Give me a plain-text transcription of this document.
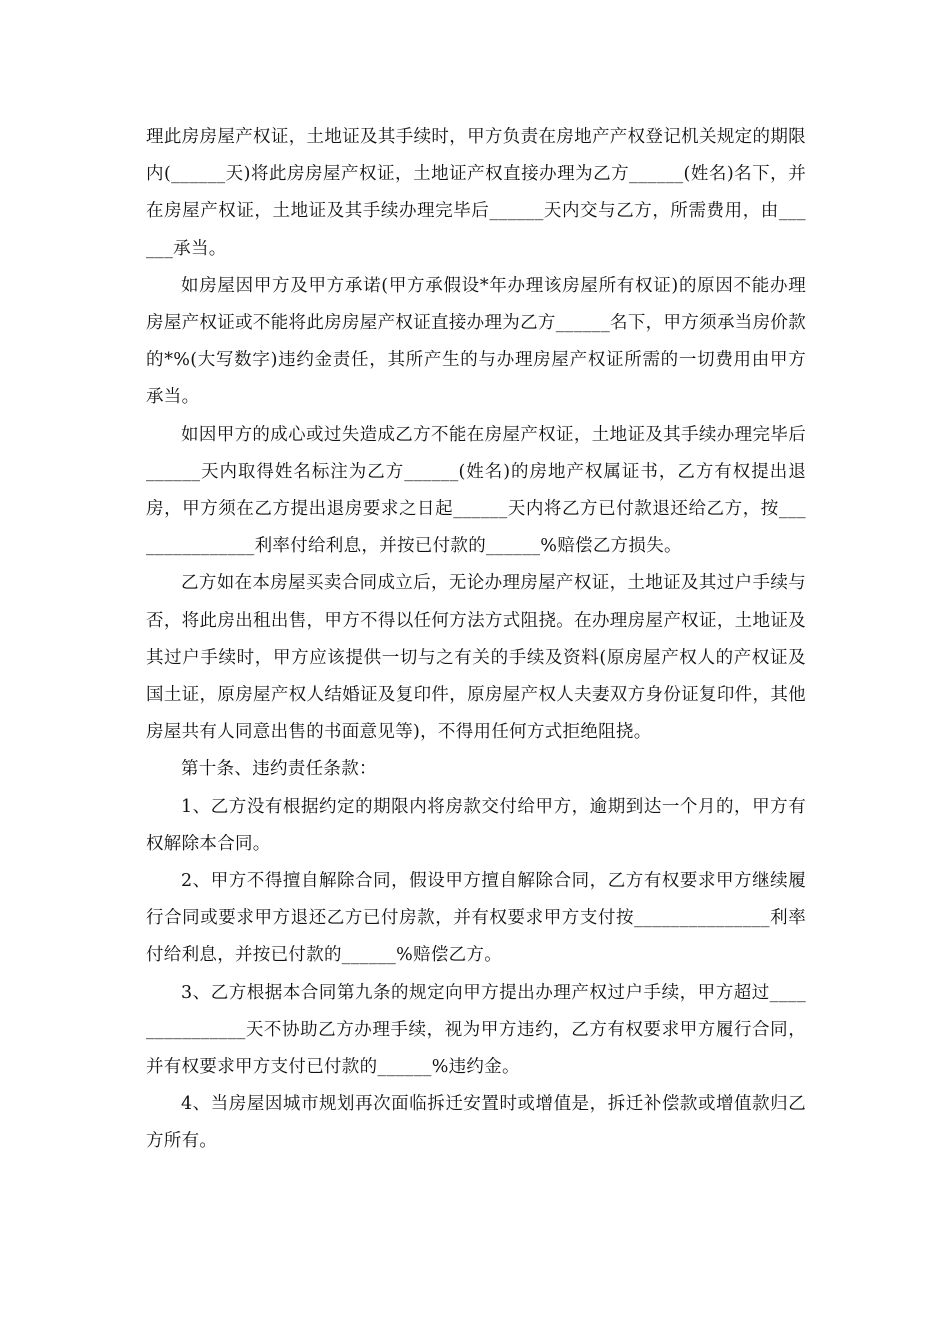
理此房房屋产权证，土地证及其手续时，甲方负责在房地产产权登记机关规定的期限内(______天)将此房房屋产权证，土地证产权直接办理为乙方______(姓名)名下，并在房屋产权证，土地证及其手续办理完毕后______天内交与乙方，所需费用，由______承当。

如房屋因甲方及甲方承诺(甲方承假设*年办理该房屋所有权证)的原因不能办理房屋产权证或不能将此房房屋产权证直接办理为乙方______名下，甲方须承当房价款的*%(大写数字)违约金责任，其所产生的与办理房屋产权证所需的一切费用由甲方承当。

如因甲方的成心或过失造成乙方不能在房屋产权证，土地证及其手续办理完毕后______天内取得姓名标注为乙方______(姓名)的房地产权属证书，乙方有权提出退房，甲方须在乙方提出退房要求之日起______天内将乙方已付款退还给乙方，按_______________利率付给利息，并按已付款的______%赔偿乙方损失。

乙方如在本房屋买卖合同成立后，无论办理房屋产权证，土地证及其过户手续与否，将此房出租出售，甲方不得以任何方法方式阻挠。在办理房屋产权证，土地证及其过户手续时，甲方应该提供一切与之有关的手续及资料(原房屋产权人的产权证及国土证，原房屋产权人结婚证及复印件，原房屋产权人夫妻双方身份证复印件，其他房屋共有人同意出售的书面意见等)，不得用任何方式拒绝阻挠。

第十条、违约责任条款：

1、乙方没有根据约定的期限内将房款交付给甲方，逾期到达一个月的，甲方有权解除本合同。

2、甲方不得擅自解除合同，假设甲方擅自解除合同，乙方有权要求甲方继续履行合同或要求甲方退还乙方已付房款，并有权要求甲方支付按_______________利率付给利息，并按已付款的______%赔偿乙方。

3、乙方根据本合同第九条的规定向甲方提出办理产权过户手续，甲方超过_______________天不协助乙方办理手续，视为甲方违约，乙方有权要求甲方履行合同，并有权要求甲方支付已付款的______%违约金。

4、当房屋因城市规划再次面临拆迁安置时或增值是，拆迁补偿款或增值款归乙方所有。
